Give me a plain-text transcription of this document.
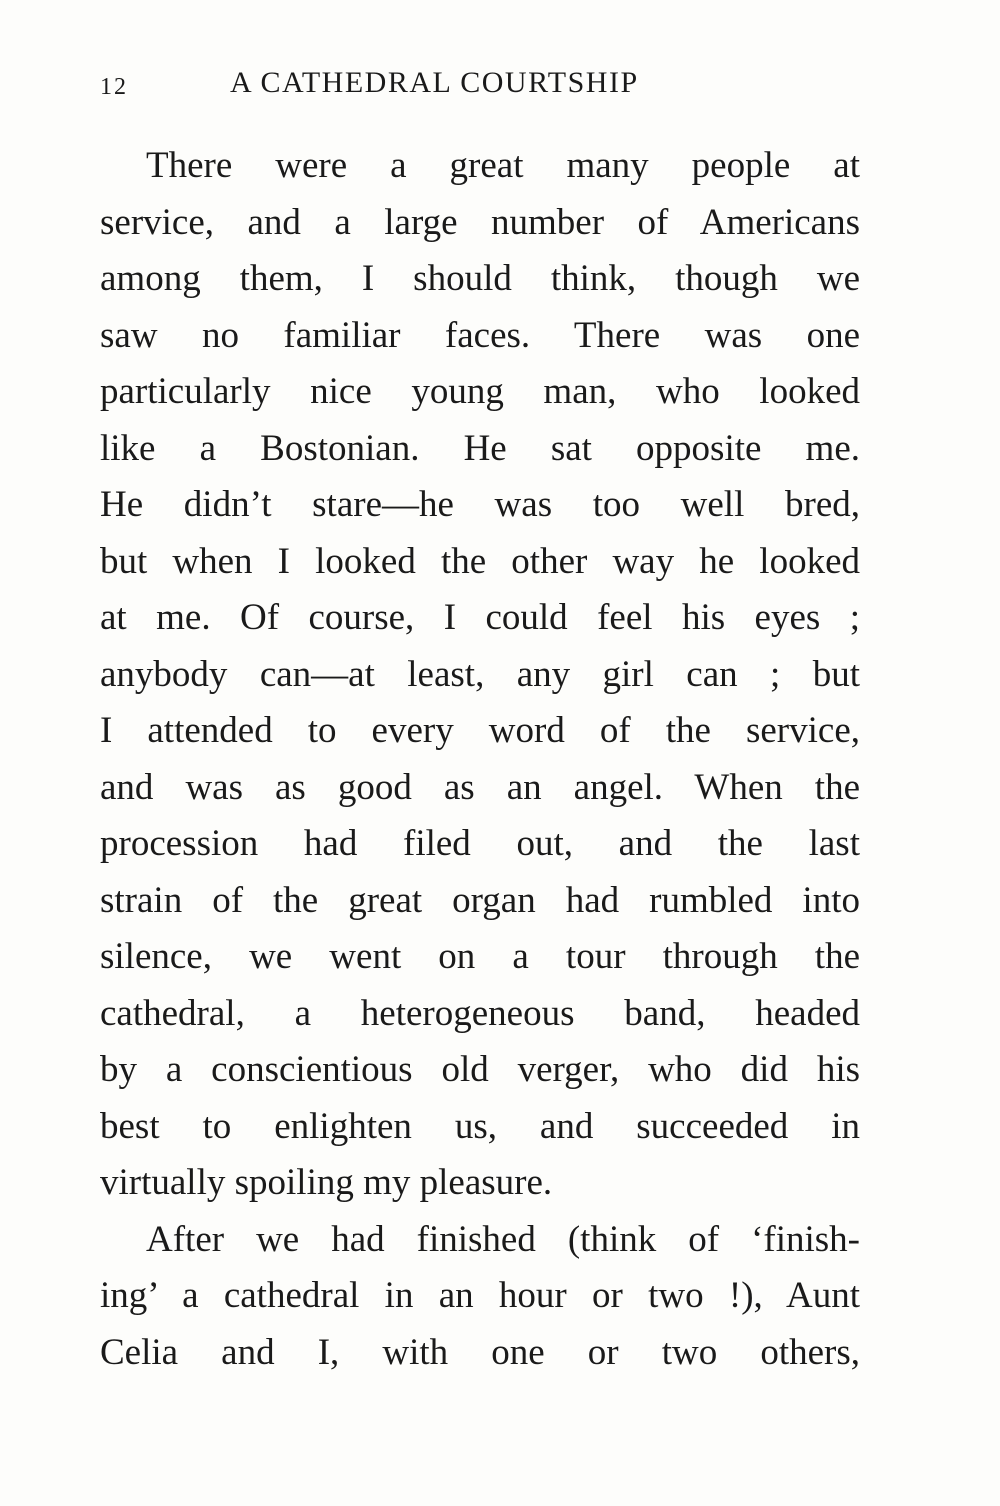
12	A CATHEDRAL COURTSHIP
There were a great many people at
service, and a large number of Americans
among them, I should think, though we
saw no familiar faces. There was one
particularly nice young man, who looked
like a Bostonian. He sat opposite me.
He didn’t stare—he was too well bred,
but when I looked the other way he looked
at me. Of course, I could feel his eyes ;
anybody can—at least, any girl can ; but
I attended to every word of the service,
and was as good as an angel. When the
procession had filed out, and the last
strain of the great organ had rumbled into
silence, we went on a tour through the
cathedral, a heterogeneous band, headed
by a conscientious old verger, who did his
best to enlighten us, and succeeded in
virtually spoiling my pleasure.
After we had finished (think of ‘finish-
ing’ a cathedral in an hour or two !), Aunt
Celia and I, with one or two others,
